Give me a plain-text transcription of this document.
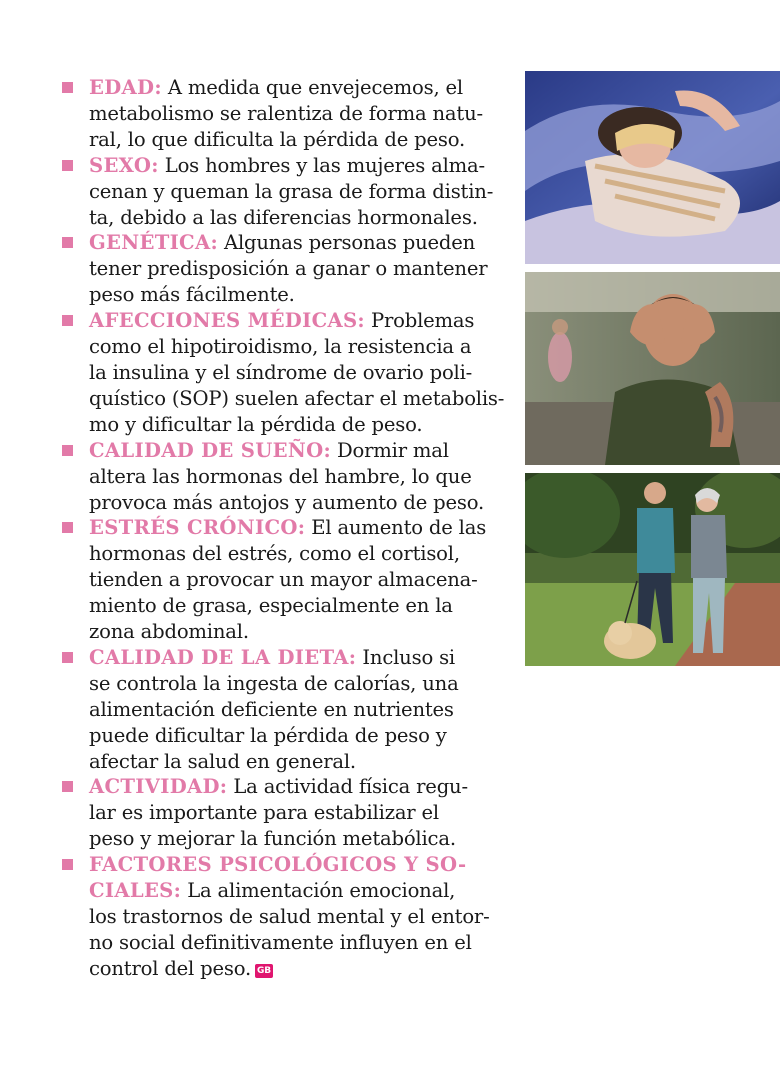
EDAD: A medida que envejecemos, el
metabolismo se ralentiza de forma natu-
ral, lo que dificulta la pérdida de peso.
SEXO: Los hombres y las mujeres alma-
cenan y queman la grasa de forma distin-
ta, debido a las diferencias hormonales.
GENÉTICA: Algunas personas pueden
tener predisposición a ganar o mantener
peso más fácilmente.
AFECCIONES MÉDICAS: Problemas
como el hipotiroidismo, la resistencia a
la insulina y el síndrome de ovario poli-
quístico (SOP) suelen afectar el metabolis-
mo y dificultar la pérdida de peso.
CALIDAD DE SUEÑO: Dormir mal
altera las hormonas del hambre, lo que
provoca más antojos y aumento de peso.
ESTRÉS CRÓNICO: El aumento de las
hormonas del estrés, como el cortisol,
tienden a provocar un mayor almacena-
miento de grasa, especialmente en la
zona abdominal.
CALIDAD DE LA DIETA: Incluso si
se controla la ingesta de calorías, una
alimentación deficiente en nutrientes
puede dificultar la pérdida de peso y
afectar la salud en general.
ACTIVIDAD: La actividad física regu-
lar es importante para estabilizar el
peso y mejorar la función metabólica.
FACTORES PSICOLÓGICOS Y SO-
CIALES: La alimentación emocional,
los trastornos de salud mental y el entor-
no social definitivamente influyen en el
control del peso. GB
